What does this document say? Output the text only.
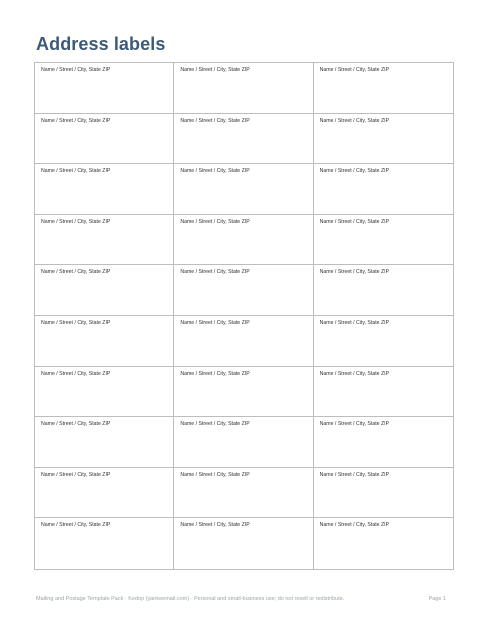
Address labels
Name / Street / City, State ZIP	Name / Street / City, State ZIP	Name / Street / City, State ZIP
Name / Street / City, State ZIP	Name / Street / City, State ZIP	Name / Street / City, State ZIP
Name / Street / City, State ZIP	Name / Street / City, State ZIP	Name / Street / City, State ZIP
Name / Street / City, State ZIP	Name / Street / City, State ZIP	Name / Street / City, State ZIP
Name / Street / City, State ZIP	Name / Street / City, State ZIP	Name / Street / City, State ZIP
Name / Street / City, State ZIP	Name / Street / City, State ZIP	Name / Street / City, State ZIP
Name / Street / City, State ZIP	Name / Street / City, State ZIP	Name / Street / City, State ZIP
Name / Street / City, State ZIP	Name / Street / City, State ZIP	Name / Street / City, State ZIP
Name / Street / City, State ZIP	Name / Street / City, State ZIP	Name / Street / City, State ZIP
Name / Street / City, State ZIP	Name / Street / City, State ZIP	Name / Street / City, State ZIP
Mailing and Postage Template Pack · Kedop (yankeemail.com) · Personal and small-business use; do not resell or redistribute.	Page 1
